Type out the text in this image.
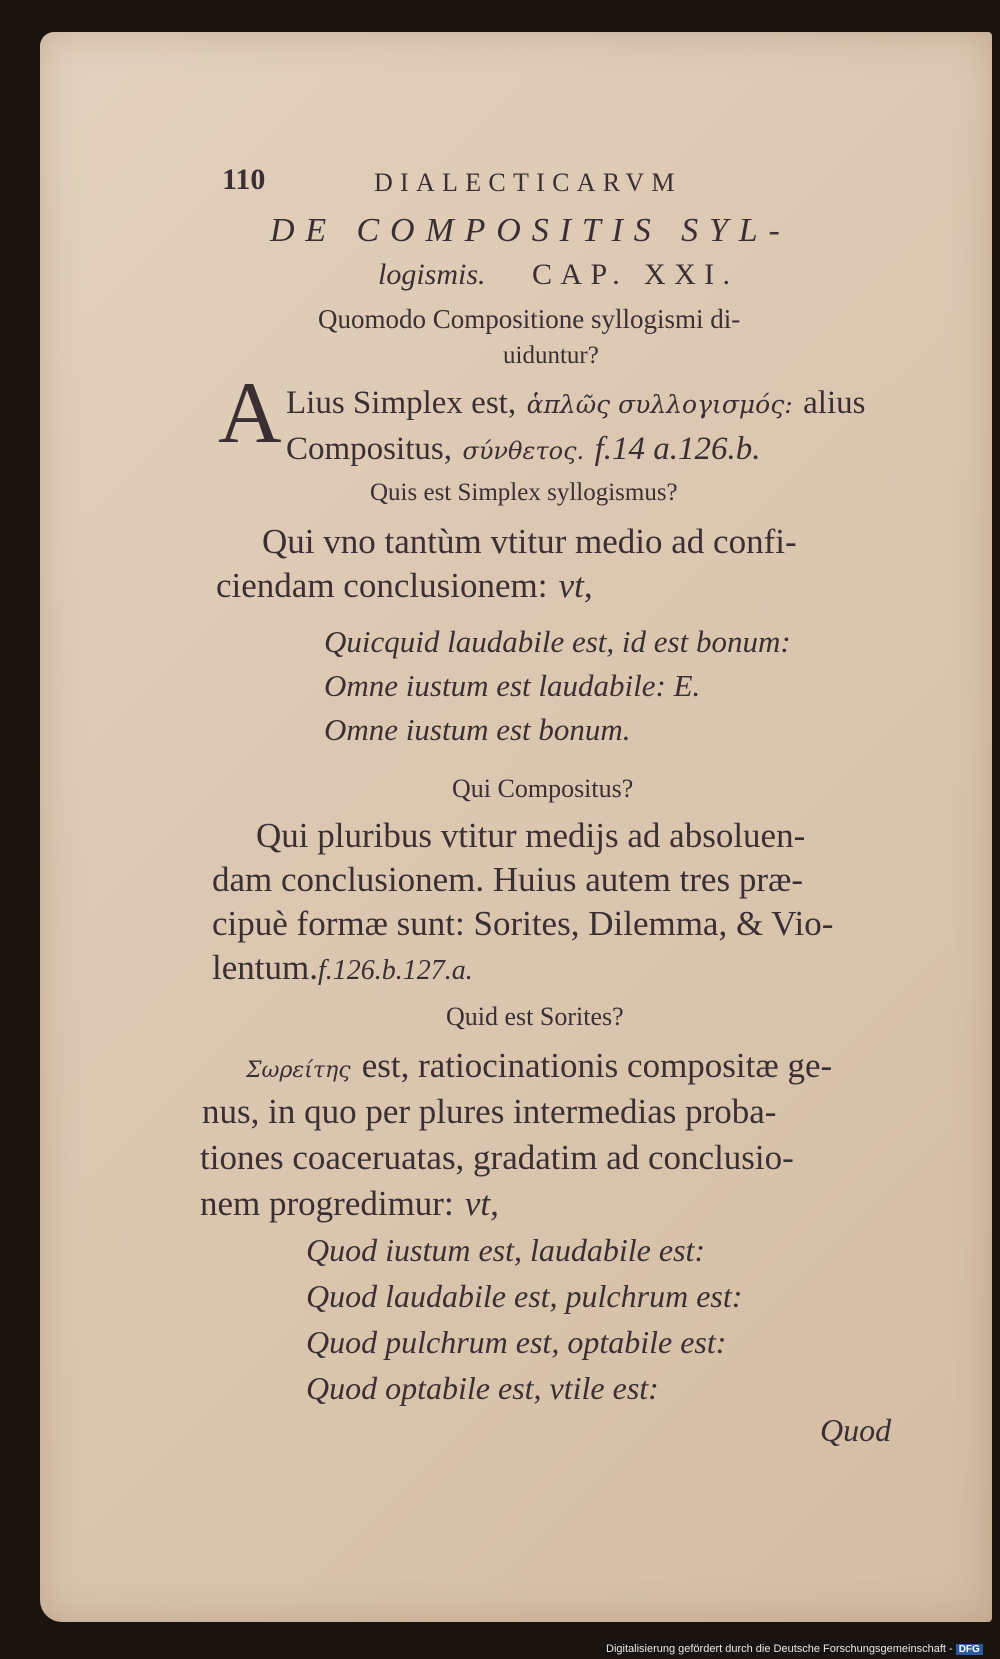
110	DIALECTICARVM
DE COMPOSITIS SYL-
logismis. CAP. XXI.
Quomodo Compositione syllogismi di-
uiduntur?
A Lius Simplex est, ἁπλῶς συλλογισμός: alius
Compositus, σύνθετος. f.14 a.126.b.
Quis est Simplex syllogismus?
Qui vno tantùm vtitur medio ad confi-
ciendam conclusionem: vt,
Quicquid laudabile est, id est bonum:
Omne iustum est laudabile: E.
Omne iustum est bonum.
Qui Compositus?
Qui pluribus vtitur medijs ad absoluen-
dam conclusionem. Huius autem tres præ-
cipuè formæ sunt: Sorites, Dilemma, & Vio-
lentum.f.126.b.127.a.
Quid est Sorites?
Σωρείτης est, ratiocinationis compositæ ge-
nus, in quo per plures intermedias proba-
tiones coaceruatas, gradatim ad conclusio-
nem progredimur: vt,
Quod iustum est, laudabile est:
Quod laudabile est, pulchrum est:
Quod pulchrum est, optabile est:
Quod optabile est, vtile est:
Quod
Digitalisierung gefördert durch die Deutsche Forschungsgemeinschaft - DFG
